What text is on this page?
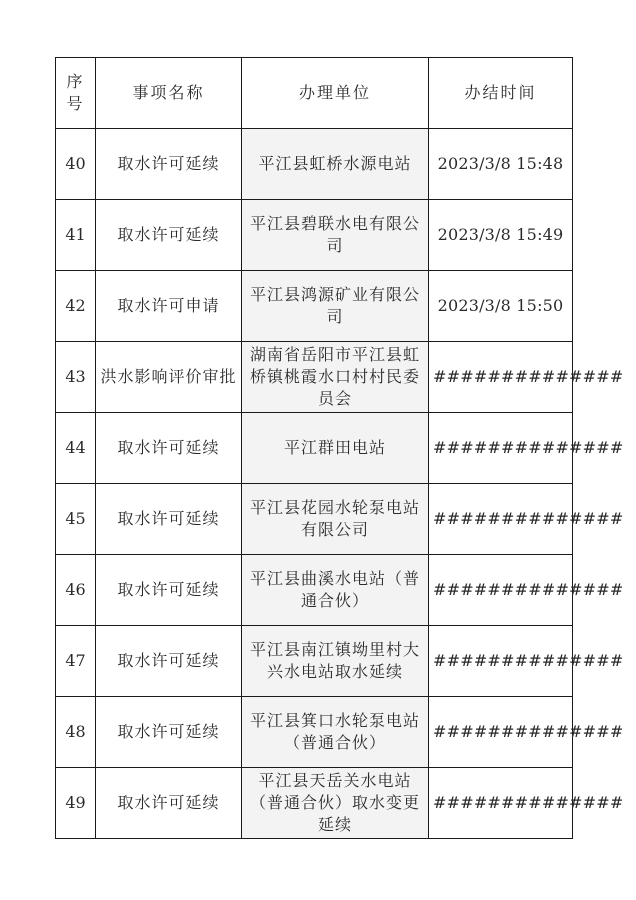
序号	事项名称	办理单位	办结时间
40	取水许可延续	平江县虹桥水源电站	2023/3/8 15:48
41	取水许可延续	平江县碧联水电有限公司	2023/3/8 15:49
42	取水许可申请	平江县鸿源矿业有限公司	2023/3/8 15:50
43	洪水影响评价审批	湖南省岳阳市平江县虹桥镇桃霞水口村村民委员会	##############
44	取水许可延续	平江群田电站	##############
45	取水许可延续	平江县花园水轮泵电站有限公司	##############
46	取水许可延续	平江县曲溪水电站（普通合伙）	##############
47	取水许可延续	平江县南江镇坳里村大兴水电站取水延续	##############
48	取水许可延续	平江县箕口水轮泵电站（普通合伙）	##############
49	取水许可延续	平江县天岳关水电站（普通合伙）取水变更延续	##############
